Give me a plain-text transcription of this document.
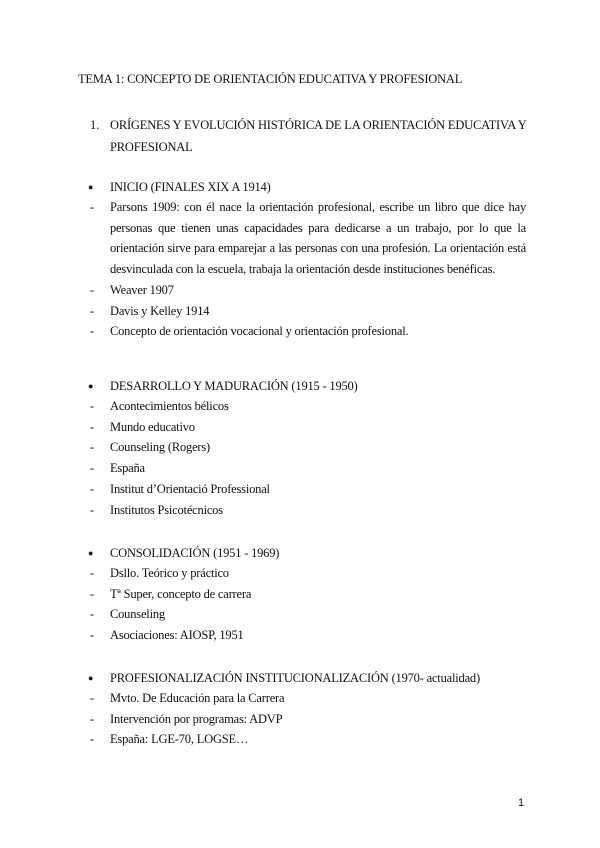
TEMA 1: CONCEPTO DE ORIENTACIÓN EDUCATIVA Y PROFESIONAL
1. ORÍGENES Y EVOLUCIÓN HISTÓRICA DE LA ORIENTACIÓN EDUCATIVA Y PROFESIONAL
● INICIO (FINALES XIX A 1914)
- Parsons 1909: con él nace la orientación profesional, escribe un libro que dice hay personas que tienen unas capacidades para dedicarse a un trabajo, por lo que la orientación sirve para emparejar a las personas con una profesión. La orientación está desvinculada con la escuela, trabaja la orientación desde instituciones benéficas.
- Weaver 1907
- Davis y Kelley 1914
- Concepto de orientación vocacional y orientación profesional.
● DESARROLLO Y MADURACIÓN (1915 - 1950)
- Acontecimientos bélicos
- Mundo educativo
- Counseling (Rogers)
- España
- Institut d’Orientació Professional
- Institutos Psicotécnicos
● CONSOLIDACIÓN (1951 - 1969)
- Dsllo. Teórico y práctico
- Tª Super, concepto de carrera
- Counseling
- Asociaciones: AIOSP, 1951
● PROFESIONALIZACIÓN INSTITUCIONALIZACIÓN (1970- actualidad)
- Mvto. De Educación para la Carrera
- Intervención por programas: ADVP
- España: LGE-70, LOGSE…
1
